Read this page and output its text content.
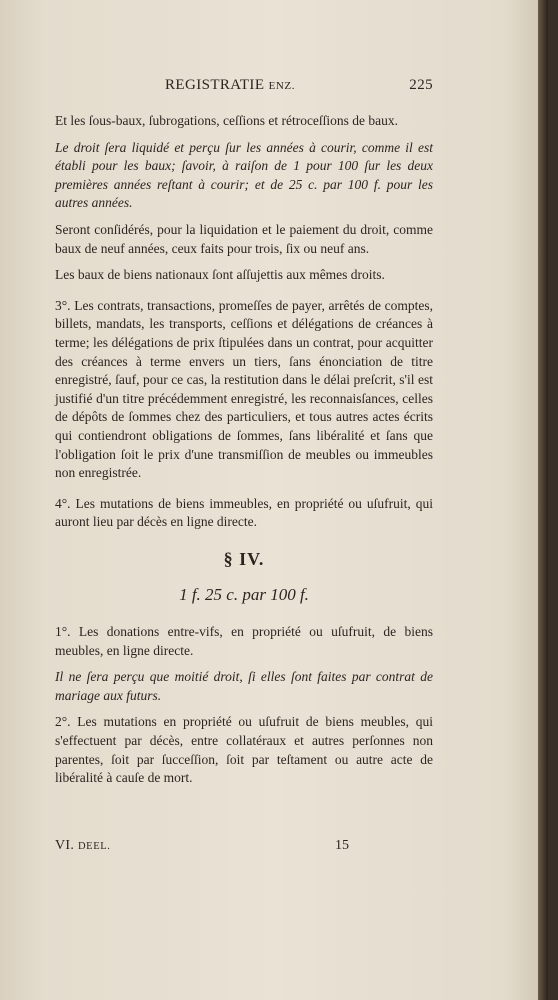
REGISTRATIE ENZ.	225

Et les ſous-baux, ſubrogations, ceſſions et rétroceſſions de baux.

Le droit ſera liquidé et perçu ſur les années à courir, comme il est établi pour les baux; ſavoir, à raiſon de 1 pour 100 ſur les deux premières années reſtant à courir; et de 25 c. par 100 f. pour les autres années.

Seront conſidérés, pour la liquidation et le paiement du droit, comme baux de neuf années, ceux faits pour trois, ſix ou neuf ans.

Les baux de biens nationaux ſont aſſujettis aux mêmes droits.

3°. Les contrats, transactions, promeſſes de payer, arrêtés de comptes, billets, mandats, les transports, ceſſions et délégations de créances à terme; les délégations de prix ſtipulées dans un contrat, pour acquitter des créances à terme envers un tiers, ſans énonciation de titre enregistré, ſauf, pour ce cas, la restitution dans le délai preſcrit, s'il est justifié d'un titre précédemment enregistré, les reconnaisſances, celles de dépôts de ſommes chez des particuliers, et tous autres actes écrits qui contiendront obligations de ſommes, ſans libéralité et ſans que l'obligation ſoit le prix d'une transmiſſion de meubles ou immeubles non enregistrée.

4°. Les mutations de biens immeubles, en propriété ou uſufruit, qui auront lieu par décès en ligne directe.

§ IV.
1 f. 25 c. par 100 f.

1°. Les donations entre-vifs, en propriété ou uſufruit, de biens meubles, en ligne directe.

Il ne ſera perçu que moitié droit, ſi elles ſont faites par contrat de mariage aux futurs.

2°. Les mutations en propriété ou uſufruit de biens meubles, qui s'effectuent par décès, entre collatéraux et autres perſonnes non parentes, ſoit par ſucceſſion, ſoit par teſtament ou autre acte de libéralité à cauſe de mort.

VI. DEEL.	15
